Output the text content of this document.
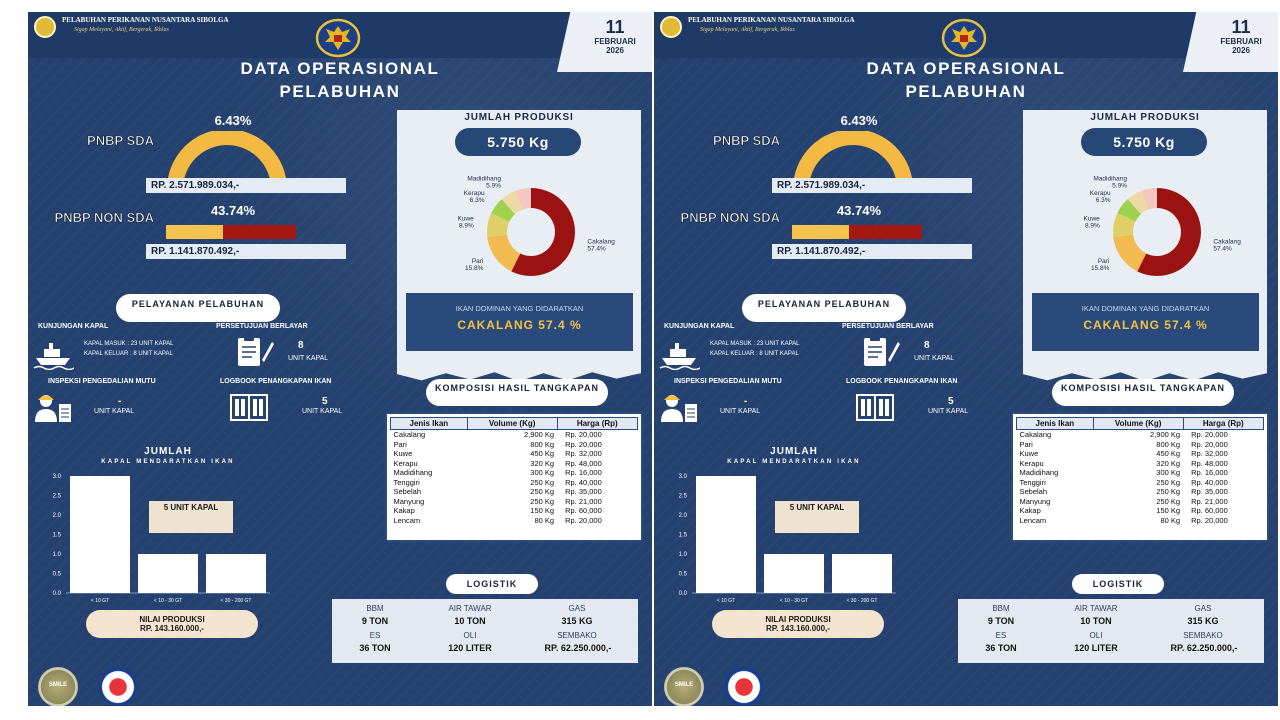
PELABUHAN PERIKANAN NUSANTARA SIBOLGA
Sigap Melayani, Aktif, Bergerak, Ikhlas	11
FEBRUARI
2026
DATA OPERASIONAL
PELABUHAN
PNBP SDA
6.43%
RP. 2.571.989.034,-
PNBP NON SDA	43.74%
RP. 1.141.870.492,-
JUMLAH PRODUKSI
5.750 Kg
Cakalang 57.4%
Pari 15.8%
Kuwe 8.9%
Kerapu 6.3%
Madidihang 5.9%
IKAN DOMINAN YANG DIDARATKAN
CAKALANG 57.4 %
PELAYANAN PELABUHAN
KUNJUNGAN KAPAL
KAPAL MASUK : 23 UNIT KAPAL
KAPAL KELUAR : 8 UNIT KAPAL
PERSETUJUAN BERLAYAR
8
UNIT KAPAL
INSPEKSI PENGEDALIAN MUTU
-
UNIT KAPAL
LOGBOOK PENANGKAPAN IKAN
5
UNIT KAPAL
KOMPOSISI HASIL TANGKAPAN
Jenis Ikan	Volume (Kg)	Harga (Rp)
Cakalang	2,900 Kg	Rp. 20,000
Pari	800 Kg	Rp. 20,000
Kuwe	450 Kg	Rp. 32,000
Kerapu	320 Kg	Rp. 48,000
Madidihang	300 Kg	Rp. 16,000
Tenggiri	250 Kg	Rp. 40,000
Sebelah	250 Kg	Rp. 35,000
Manyung	250 Kg	Rp. 21,000
Kakap	150 Kg	Rp. 60,000
Lencam	80 Kg	Rp. 20,000
JUMLAH
KAPAL MENDARATKAN IKAN
0.0
0.5
1.0
1.5
2.0
2.5
3.0
< 10 GT	< 10 - 30 GT	< 30 - 200 GT
5 UNIT KAPAL
NILAI PRODUKSI
RP. 143.160.000,-
LOGISTIK
BBM
9 TON
AIR TAWAR
10 TON
GAS
315 KG
ES
36 TON
OLI
120 LITER
SEMBAKO
RP. 62.250.000,-
SMILE
PELABUHAN PERIKANAN NUSANTARA SIBOLGA
Sigap Melayani, Aktif, Bergerak, Ikhlas	11
FEBRUARI
2026
DATA OPERASIONAL
PELABUHAN
PNBP SDA
6.43%
RP. 2.571.989.034,-
PNBP NON SDA	43.74%
RP. 1.141.870.492,-
JUMLAH PRODUKSI
5.750 Kg
Cakalang 57.4%
Pari 15.8%
Kuwe 8.9%
Kerapu 6.3%
Madidihang 5.9%
IKAN DOMINAN YANG DIDARATKAN
CAKALANG 57.4 %
PELAYANAN PELABUHAN
KUNJUNGAN KAPAL
KAPAL MASUK : 23 UNIT KAPAL
KAPAL KELUAR : 8 UNIT KAPAL
PERSETUJUAN BERLAYAR
8
UNIT KAPAL
INSPEKSI PENGEDALIAN MUTU
-
UNIT KAPAL
LOGBOOK PENANGKAPAN IKAN
5
UNIT KAPAL
KOMPOSISI HASIL TANGKAPAN
Jenis Ikan	Volume (Kg)	Harga (Rp)
Cakalang	2,900 Kg	Rp. 20,000
Pari	800 Kg	Rp. 20,000
Kuwe	450 Kg	Rp. 32,000
Kerapu	320 Kg	Rp. 48,000
Madidihang	300 Kg	Rp. 16,000
Tenggiri	250 Kg	Rp. 40,000
Sebelah	250 Kg	Rp. 35,000
Manyung	250 Kg	Rp. 21,000
Kakap	150 Kg	Rp. 60,000
Lencam	80 Kg	Rp. 20,000
JUMLAH
KAPAL MENDARATKAN IKAN
0.0
0.5
1.0
1.5
2.0
2.5
3.0
< 10 GT	< 10 - 30 GT	< 30 - 200 GT
5 UNIT KAPAL
NILAI PRODUKSI
RP. 143.160.000,-
LOGISTIK
BBM
9 TON
AIR TAWAR
10 TON
GAS
315 KG
ES
36 TON
OLI
120 LITER
SEMBAKO
RP. 62.250.000,-
SMILE
